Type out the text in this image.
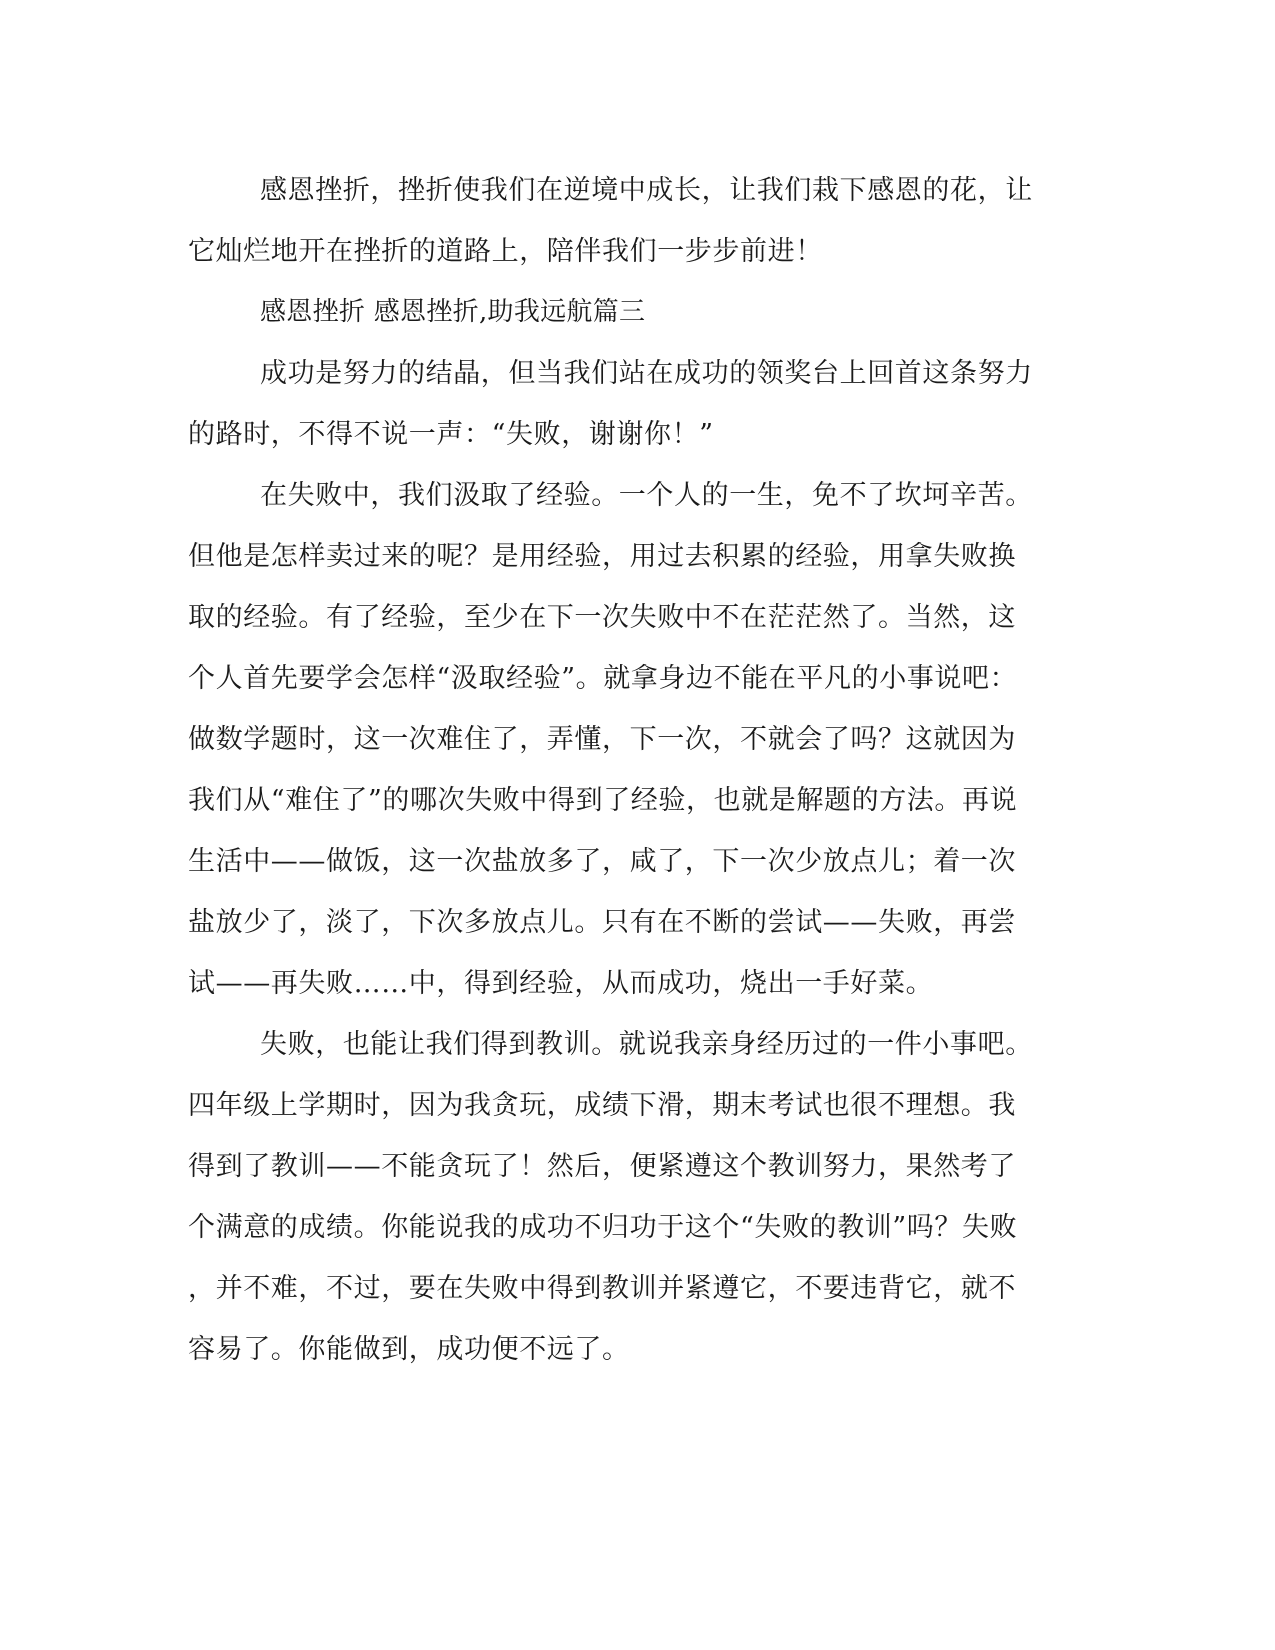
感恩挫折，挫折使我们在逆境中成长，让我们栽下感恩的花，让
它灿烂地开在挫折的道路上，陪伴我们一步步前进！
感恩挫折 感恩挫折,助我远航篇三
成功是努力的结晶，但当我们站在成功的领奖台上回首这条努力
的路时，不得不说一声：“失败，谢谢你！”
在失败中，我们汲取了经验。一个人的一生，免不了坎坷辛苦。
但他是怎样卖过来的呢？是用经验，用过去积累的经验，用拿失败换
取的经验。有了经验，至少在下一次失败中不在茫茫然了。当然，这
个人首先要学会怎样“汲取经验”。就拿身边不能在平凡的小事说吧：
做数学题时，这一次难住了，弄懂，下一次，不就会了吗？这就因为
我们从“难住了”的哪次失败中得到了经验，也就是解题的方法。再说
生活中——做饭，这一次盐放多了，咸了，下一次少放点儿；着一次
盐放少了，淡了，下次多放点儿。只有在不断的尝试——失败，再尝
试——再失败……中，得到经验，从而成功，烧出一手好菜。
失败，也能让我们得到教训。就说我亲身经历过的一件小事吧。
四年级上学期时，因为我贪玩，成绩下滑，期末考试也很不理想。我
得到了教训——不能贪玩了！然后，便紧遵这个教训努力，果然考了
个满意的成绩。你能说我的成功不归功于这个“失败的教训”吗？失败
，并不难，不过，要在失败中得到教训并紧遵它，不要违背它，就不
容易了。你能做到，成功便不远了。
